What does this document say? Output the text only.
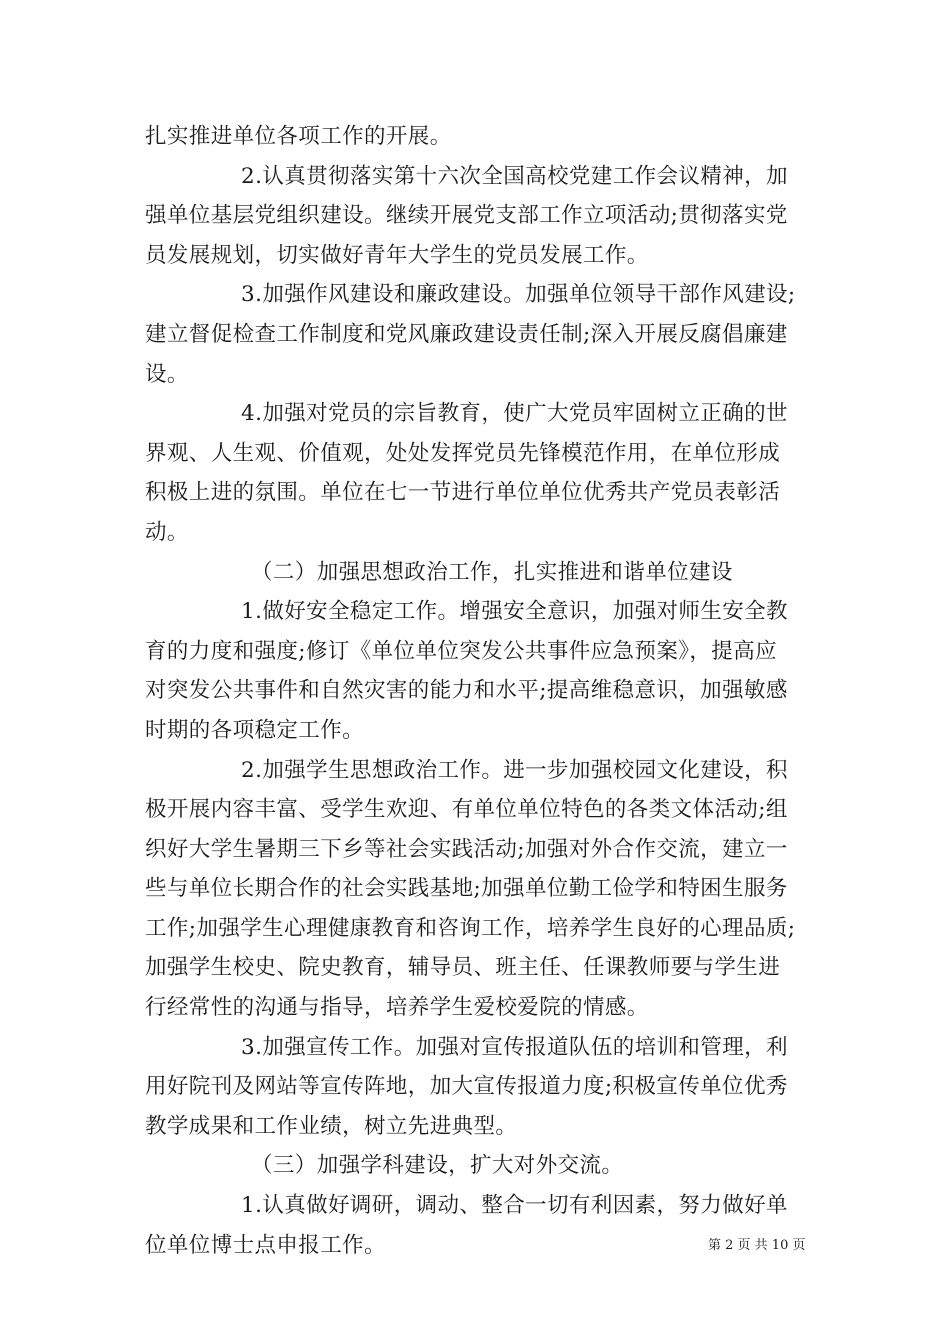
扎实推进单位各项工作的开展。
2.认真贯彻落实第十六次全国高校党建工作会议精神，加
强单位基层党组织建设。继续开展党支部工作立项活动;贯彻落实党
员发展规划，切实做好青年大学生的党员发展工作。
3.加强作风建设和廉政建设。加强单位领导干部作风建设;
建立督促检查工作制度和党风廉政建设责任制;深入开展反腐倡廉建
设。
4.加强对党员的宗旨教育，使广大党员牢固树立正确的世
界观、人生观、价值观，处处发挥党员先锋模范作用，在单位形成
积极上进的氛围。单位在七一节进行单位单位优秀共产党员表彰活
动。
（二）加强思想政治工作，扎实推进和谐单位建设
1.做好安全稳定工作。增强安全意识，加强对师生安全教
育的力度和强度;修订《单位单位突发公共事件应急预案》，提高应
对突发公共事件和自然灾害的能力和水平;提高维稳意识，加强敏感
时期的各项稳定工作。
2.加强学生思想政治工作。进一步加强校园文化建设，积
极开展内容丰富、受学生欢迎、有单位单位特色的各类文体活动;组
织好大学生暑期三下乡等社会实践活动;加强对外合作交流，建立一
些与单位长期合作的社会实践基地;加强单位勤工俭学和特困生服务
工作;加强学生心理健康教育和咨询工作，培养学生良好的心理品质;
加强学生校史、院史教育，辅导员、班主任、任课教师要与学生进
行经常性的沟通与指导，培养学生爱校爱院的情感。
3.加强宣传工作。加强对宣传报道队伍的培训和管理，利
用好院刊及网站等宣传阵地，加大宣传报道力度;积极宣传单位优秀
教学成果和工作业绩，树立先进典型。
（三）加强学科建设，扩大对外交流。
1.认真做好调研，调动、整合一切有利因素，努力做好单
位单位博士点申报工作。	第 2 页 共 10 页
